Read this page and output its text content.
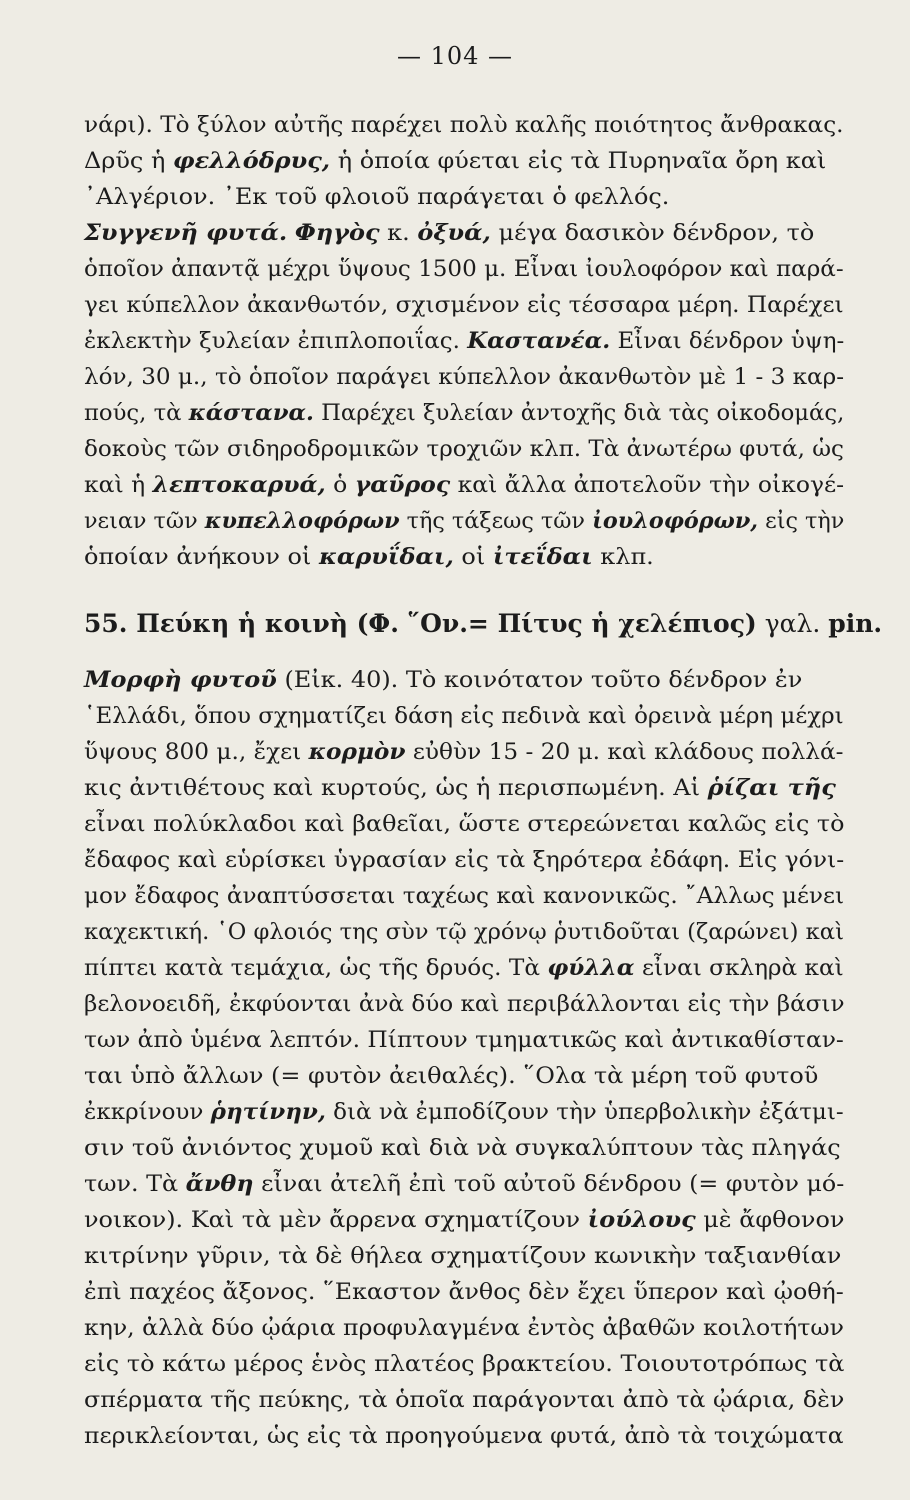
— 104 —
νάρι). Τὸ ξύλον αὐτῆς παρέχει πολὺ καλῆς ποιότητος ἄνθρακας.
Δρῦς ἡ φελλόδρυς, ἡ ὁποία φύεται εἰς τὰ Πυρηναῖα ὄρη καὶ
᾽Αλγέριον. ᾽Εκ τοῦ φλοιοῦ παράγεται ὁ φελλός.
Συγγενῆ φυτά. Φηγὸς κ. ὀξυά, μέγα δασικὸν δένδρον, τὸ
ὁποῖον ἀπαντᾷ μέχρι ὕψους 1500 μ. Εἶναι ἰουλοφόρον καὶ παρά-
γει κύπελλον ἀκανθωτόν, σχισμένον εἰς τέσσαρα μέρη. Παρέχει
ἐκλεκτὴν ξυλείαν ἐπιπλοποιΐας. Καστανέα. Εἶναι δένδρον ὑψη-
λόν, 30 μ., τὸ ὁποῖον παράγει κύπελλον ἀκανθωτὸν μὲ 1 - 3 καρ-
πούς, τὰ κάστανα. Παρέχει ξυλείαν ἀντοχῆς διὰ τὰς οἰκοδομάς,
δοκοὺς τῶν σιδηροδρομικῶν τροχιῶν κλπ. Τὰ ἀνωτέρω φυτά, ὡς
καὶ ἡ λεπτοκαρυά, ὁ γαῦρος καὶ ἄλλα ἀποτελοῦν τὴν οἰκογέ-
νειαν τῶν κυπελλοφόρων τῆς τάξεως τῶν ἰουλοφόρων, εἰς τὴν
ὁποίαν ἀνήκουν οἱ καρυΐδαι, οἱ ἰτεΐδαι κλπ.
55. Πεύκη ἡ κοινὴ (Φ. ῞Ον.= Πίτυς ἡ χελέπιος) γαλ. pin.
Μορφὴ φυτοῦ (Εἰκ. 40). Τὸ κοινότατον τοῦτο δένδρον ἐν
῾Ελλάδι, ὅπου σχηματίζει δάση εἰς πεδινὰ καὶ ὀρεινὰ μέρη μέχρι
ὕψους 800 μ., ἔχει κορμὸν εὐθὺν 15 - 20 μ. καὶ κλάδους πολλά-
κις ἀντιθέτους καὶ κυρτούς, ὡς ἡ περισπωμένη. Αἱ ῥίζαι τῆς
εἶναι πολύκλαδοι καὶ βαθεῖαι, ὥστε στερεώνεται καλῶς εἰς τὸ
ἔδαφος καὶ εὑρίσκει ὑγρασίαν εἰς τὰ ξηρότερα ἐδάφη. Εἰς γόνι-
μον ἔδαφος ἀναπτύσσεται ταχέως καὶ κανονικῶς. ῎Αλλως μένει
καχεκτική. ῾Ο φλοιός της σὺν τῷ χρόνῳ ῥυτιδοῦται (ζαρώνει) καὶ
πίπτει κατὰ τεμάχια, ὡς τῆς δρυός. Τὰ φύλλα εἶναι σκληρὰ καὶ
βελονοειδῆ, ἐκφύονται ἀνὰ δύο καὶ περιβάλλονται εἰς τὴν βάσιν
των ἀπὸ ὑμένα λεπτόν. Πίπτουν τμηματικῶς καὶ ἀντικαθίσταν-
ται ὑπὸ ἄλλων (= φυτὸν ἀειθαλές). ῞Ολα τὰ μέρη τοῦ φυτοῦ
ἐκκρίνουν ῥητίνην, διὰ νὰ ἐμποδίζουν τὴν ὑπερβολικὴν ἐξάτμι-
σιν τοῦ ἀνιόντος χυμοῦ καὶ διὰ νὰ συγκαλύπτουν τὰς πληγάς
των. Τὰ ἄνθη εἶναι ἀτελῆ ἐπὶ τοῦ αὐτοῦ δένδρου (= φυτὸν μό-
νοικον). Καὶ τὰ μὲν ἄρρενα σχηματίζουν ἰούλους μὲ ἄφθονον
κιτρίνην γῦριν, τὰ δὲ θήλεα σχηματίζουν κωνικὴν ταξιανθίαν
ἐπὶ παχέος ἄξονος. ῞Εκαστον ἄνθος δὲν ἔχει ὕπερον καὶ ᾠοθή-
κην, ἀλλὰ δύο ᾠάρια προφυλαγμένα ἐντὸς ἀβαθῶν κοιλοτήτων
εἰς τὸ κάτω μέρος ἑνὸς πλατέος βρακτείου. Τοιουτοτρόπως τὰ
σπέρματα τῆς πεύκης, τὰ ὁποῖα παράγονται ἀπὸ τὰ ᾠάρια, δὲν
περικλείονται, ὡς εἰς τὰ προηγούμενα φυτά, ἀπὸ τὰ τοιχώματα
